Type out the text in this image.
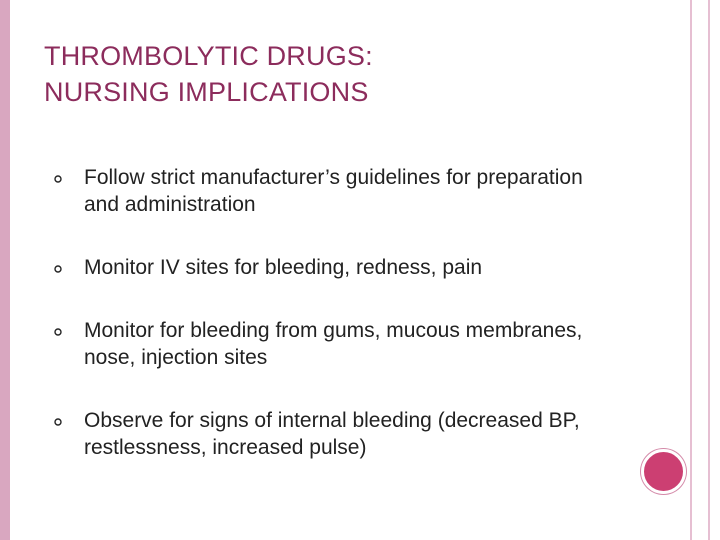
THROMBOLYTIC DRUGS:
NURSING IMPLICATIONS
Follow strict manufacturer’s guidelines for preparation
and administration
Monitor IV sites for bleeding, redness, pain
Monitor for bleeding from gums, mucous membranes,
nose, injection sites
Observe for signs of internal bleeding (decreased BP,
restlessness, increased pulse)
